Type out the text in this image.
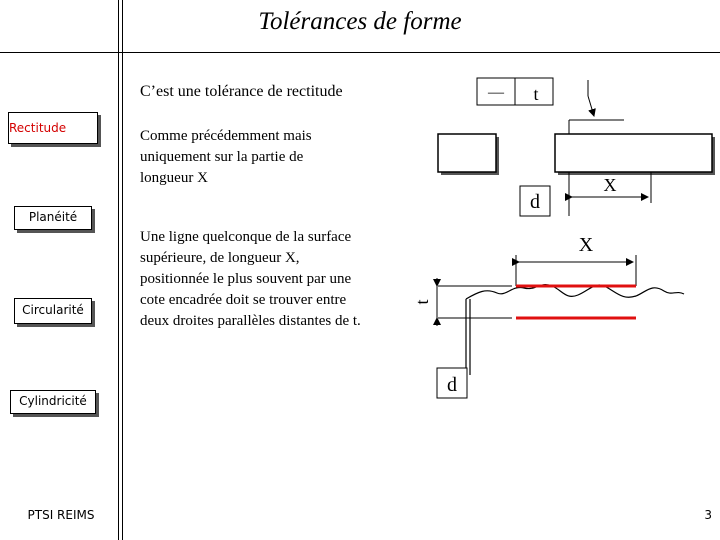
Tolérances de forme
Rectitude
Planéité
Circularité
Cylindricité
PTSI REIMS	3
C’est une tolérance de rectitude
Comme précédemment mais
uniquement sur la partie de
longueur X
Une ligne quelconque de la surface
supérieure, de longueur X,
positionnée le plus souvent par une
cote encadrée doit se trouver entre
deux droites parallèles distantes de t.
— t
X
d
X
t
d
